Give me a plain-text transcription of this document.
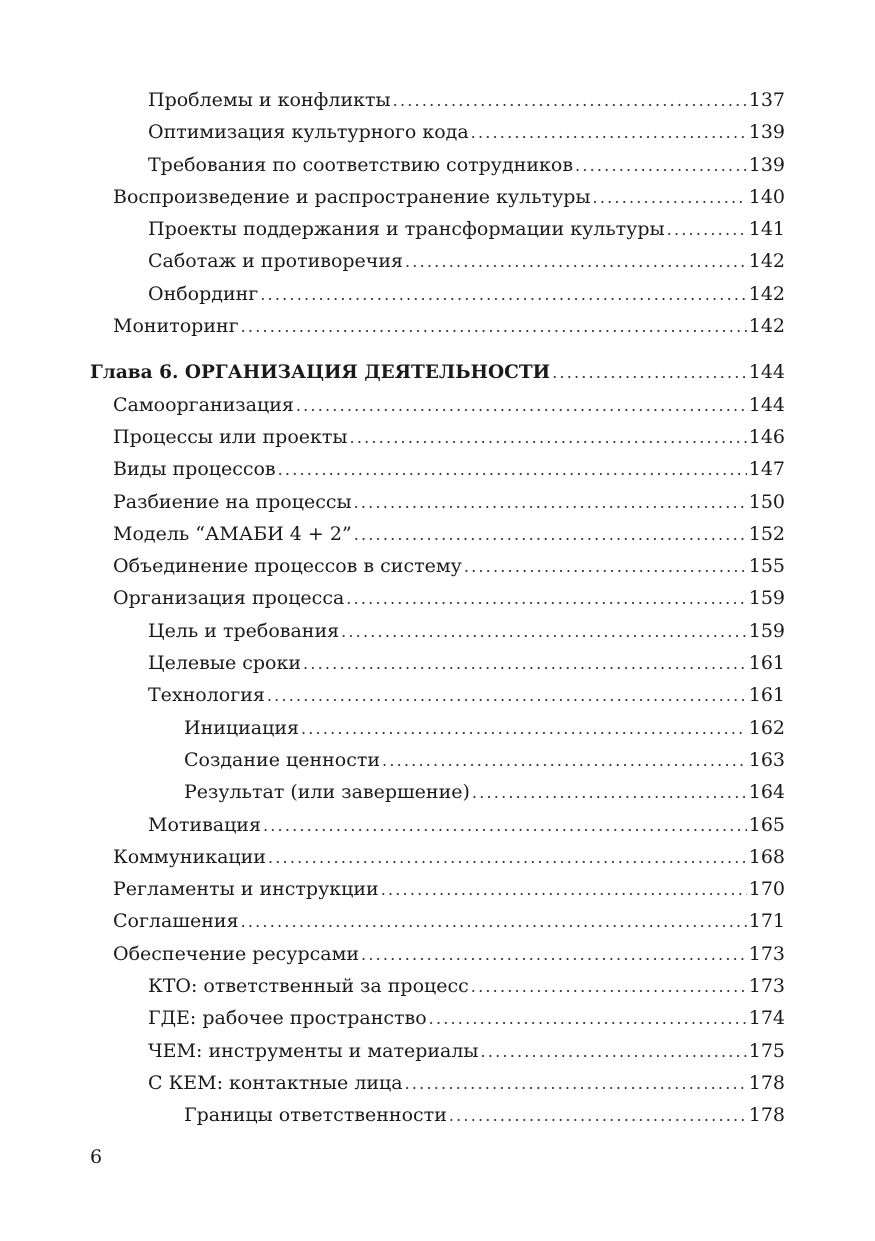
Проблемы и конфликты .....	137
Оптимизация культурного кода .....	139
Требования по соответствию сотрудников .....	139
Воспроизведение и распространение культуры .....	140
Проекты поддержания и трансформации культуры .....	141
Саботаж и противоречия .....	142
Онбординг .....	142
Мониторинг .....	142
Глава 6. ОРГАНИЗАЦИЯ ДЕЯТЕЛЬНОСТИ .....	144
Самоорганизация .....	144
Процессы или проекты .....	146
Виды процессов .....	147
Разбиение на процессы .....	150
Модель “АМАБИ 4 + 2” .....	152
Объединение процессов в систему .....	155
Организация процесса .....	159
Цель и требования .....	159
Целевые сроки .....	161
Технология .....	161
Инициация .....	162
Создание ценности .....	163
Результат (или завершение) .....	164
Мотивация .....	165
Коммуникации .....	168
Регламенты и инструкции .....	170
Соглашения .....	171
Обеспечение ресурсами .....	173
КТО: ответственный за процесс .....	173
ГДЕ: рабочее пространство .....	174
ЧЕМ: инструменты и материалы .....	175
С КЕМ: контактные лица .....	178
Границы ответственности .....	178
6
